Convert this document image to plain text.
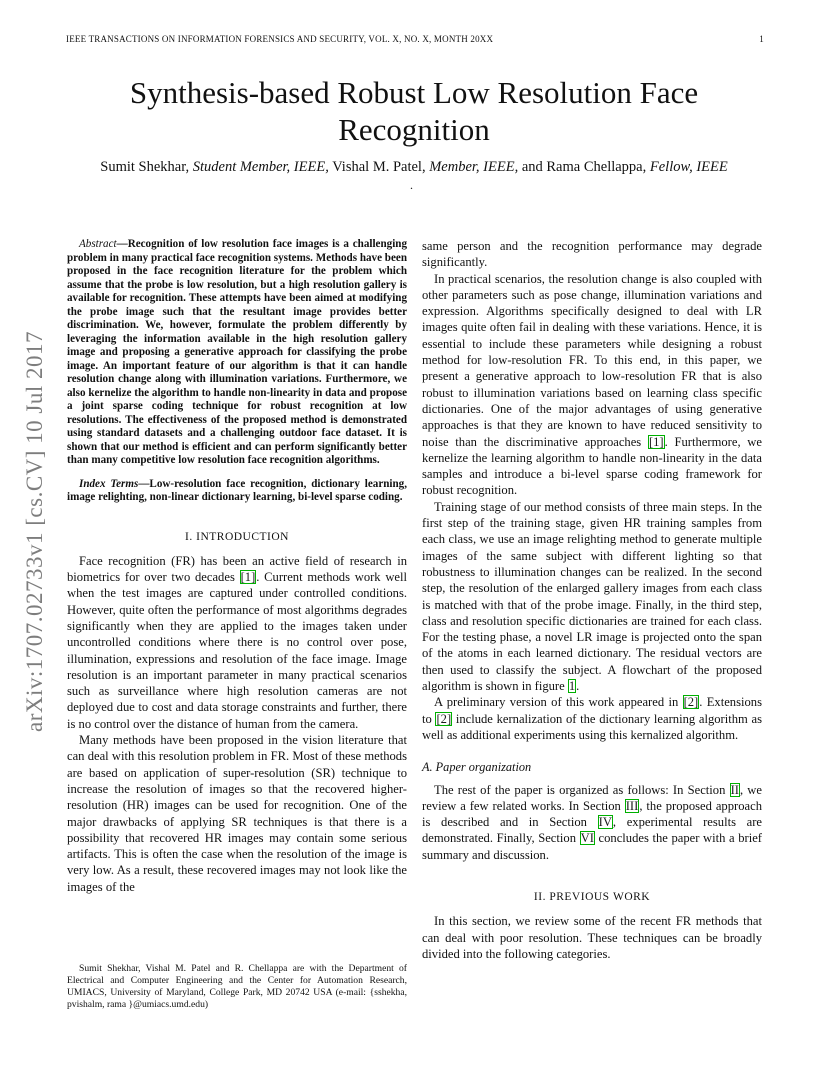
IEEE TRANSACTIONS ON INFORMATION FORENSICS AND SECURITY, VOL. X, NO. X, MONTH 20XX	1
arXiv:1707.02733v1 [cs.CV] 10 Jul 2017
Synthesis-based Robust Low Resolution Face Recognition
Sumit Shekhar, Student Member, IEEE, Vishal M. Patel, Member, IEEE, and Rama Chellappa, Fellow, IEEE
.

Abstract—Recognition of low resolution face images is a challenging problem in many practical face recognition systems. Methods have been proposed in the face recognition literature for the problem which assume that the probe is low resolution, but a high resolution gallery is available for recognition. These attempts have been aimed at modifying the probe image such that the resultant image provides better discrimination. We, however, formulate the problem differently by leveraging the information available in the high resolution gallery image and proposing a generative approach for classifying the probe image. An important feature of our algorithm is that it can handle resolution change along with illumination variations. Furthermore, we also kernelize the algorithm to handle non-linearity in data and propose a joint sparse coding technique for robust recognition at low resolutions. The effectiveness of the proposed method is demonstrated using standard datasets and a challenging outdoor face dataset. It is shown that our method is efficient and can perform significantly better than many competitive low resolution face recognition algorithms.

Index Terms—Low-resolution face recognition, dictionary learning, image relighting, non-linear dictionary learning, bi-level sparse coding.

I. INTRODUCTION

Face recognition (FR) has been an active field of research in biometrics for over two decades [1]. Current methods work well when the test images are captured under controlled conditions. However, quite often the performance of most algorithms degrades significantly when they are applied to the images taken under uncontrolled conditions where there is no control over pose, illumination, expressions and resolution of the face image. Image resolution is an important parameter in many practical scenarios such as surveillance where high resolution cameras are not deployed due to cost and data storage constraints and further, there is no control over the distance of human from the camera.

Many methods have been proposed in the vision literature that can deal with this resolution problem in FR. Most of these methods are based on application of super-resolution (SR) technique to increase the resolution of images so that the recovered higher-resolution (HR) images can be used for recognition. One of the major drawbacks of applying SR techniques is that there is a possibility that recovered HR images may contain some serious artifacts. This is often the case when the resolution of the image is very low. As a result, these recovered images may not look like the images of the

Sumit Shekhar, Vishal M. Patel and R. Chellappa are with the Department of Electrical and Computer Engineering and the Center for Automation Research, UMIACS, University of Maryland, College Park, MD 20742 USA (e-mail: {sshekha, pvishalm, rama }@umiacs.umd.edu)

same person and the recognition performance may degrade significantly.

In practical scenarios, the resolution change is also coupled with other parameters such as pose change, illumination variations and expression. Algorithms specifically designed to deal with LR images quite often fail in dealing with these variations. Hence, it is essential to include these parameters while designing a robust method for low-resolution FR. To this end, in this paper, we present a generative approach to low-resolution FR that is also robust to illumination variations based on learning class specific dictionaries. One of the major advantages of using generative approaches is that they are known to have reduced sensitivity to noise than the discriminative approaches [1]. Furthermore, we kernelize the learning algorithm to handle non-linearity in the data samples and introduce a bi-level sparse coding framework for robust recognition.

Training stage of our method consists of three main steps. In the first step of the training stage, given HR training samples from each class, we use an image relighting method to generate multiple images of the same subject with different lighting so that robustness to illumination changes can be realized. In the second step, the resolution of the enlarged gallery images from each class is matched with that of the probe image. Finally, in the third step, class and resolution specific dictionaries are trained for each class. For the testing phase, a novel LR image is projected onto the span of the atoms in each learned dictionary. The residual vectors are then used to classify the subject. A flowchart of the proposed algorithm is shown in figure 1.

A preliminary version of this work appeared in [2]. Extensions to [2] include kernalization of the dictionary learning algorithm as well as additional experiments using this kernalized algorithm.

A. Paper organization

The rest of the paper is organized as follows: In Section II, we review a few related works. In Section III, the proposed approach is described and in Section IV, experimental results are demonstrated. Finally, Section VI concludes the paper with a brief summary and discussion.

II. PREVIOUS WORK

In this section, we review some of the recent FR methods that can deal with poor resolution. These techniques can be broadly divided into the following categories.
